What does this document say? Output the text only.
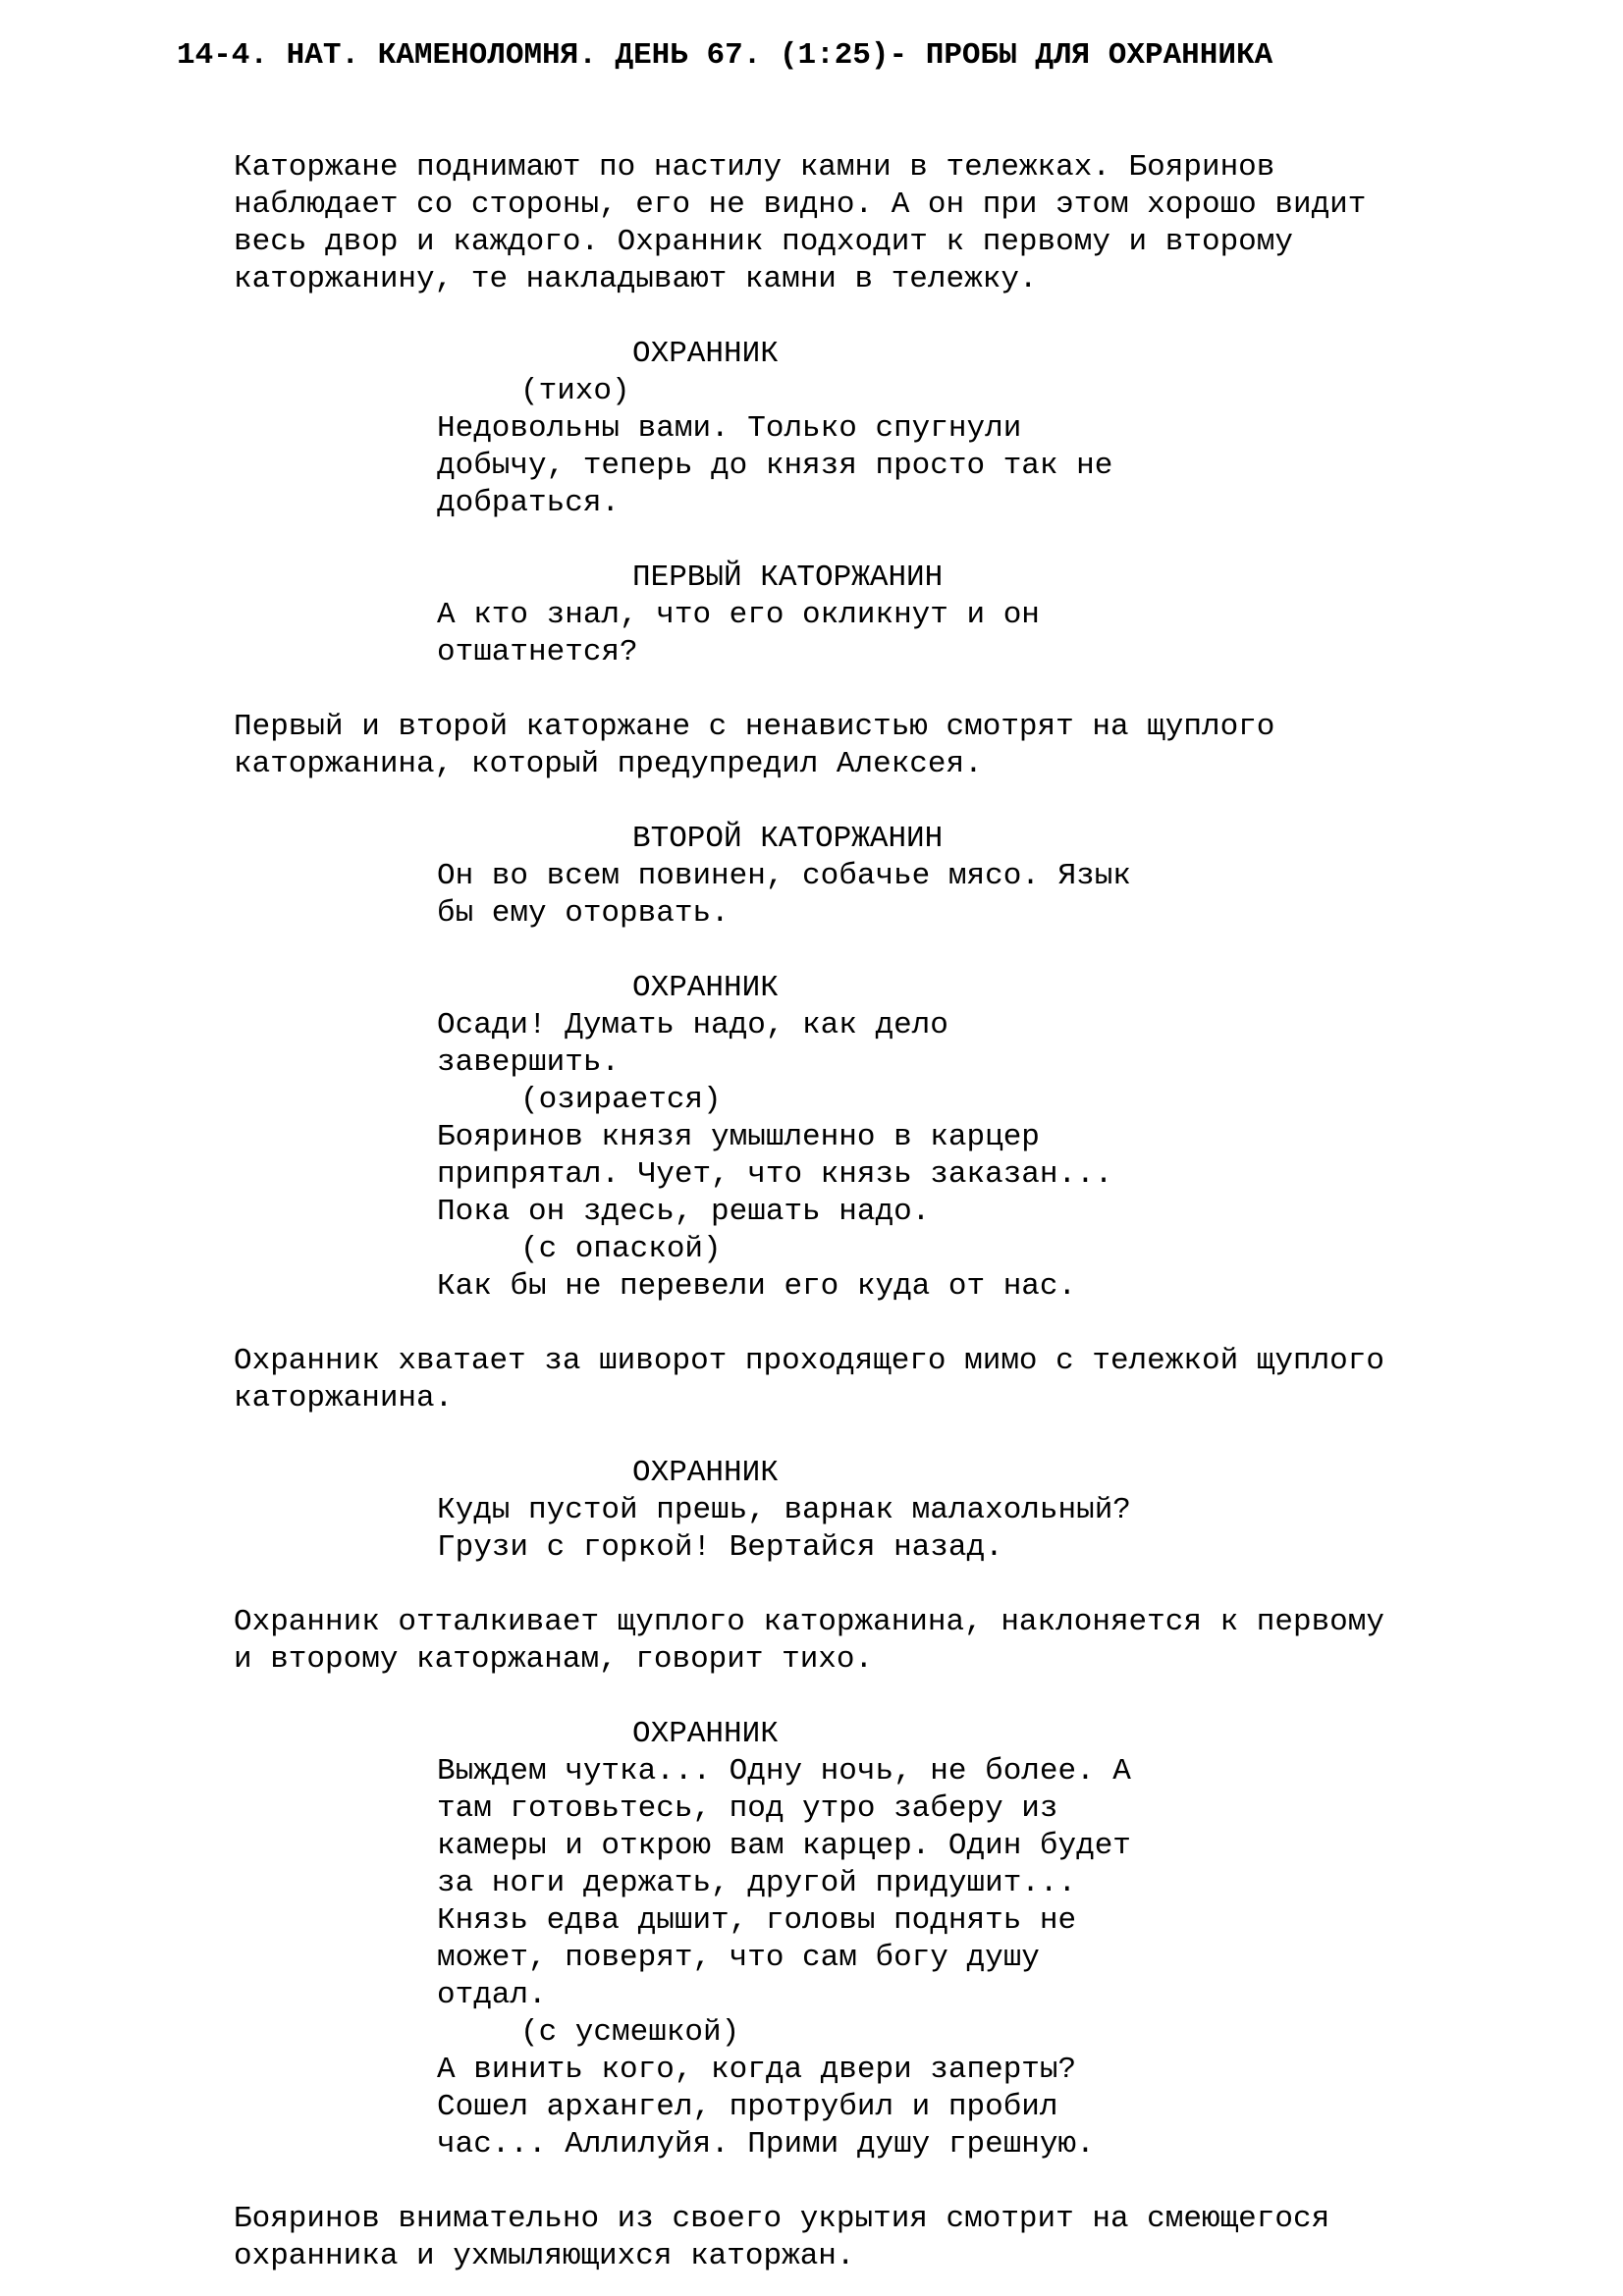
14-4. НАТ. КАМЕНОЛОМНЯ. ДЕНЬ 67. (1:25)- ПРОБЫ ДЛЯ ОХРАННИКА
Каторжане поднимают по настилу камни в тележках. Бояринов
наблюдает со стороны, его не видно. А он при этом хорошо видит
весь двор и каждого. Охранник подходит к первому и второму
каторжанину, те накладывают камни в тележку.
ОХРАННИК
(тихо)
Недовольны вами. Только спугнули
добычу, теперь до князя просто так не
добраться.
ПЕРВЫЙ КАТОРЖАНИН
А кто знал, что его окликнут и он
отшатнется?
Первый и второй каторжане с ненавистью смотрят на щуплого
каторжанина, который предупредил Алексея.
ВТОРОЙ КАТОРЖАНИН
Он во всем повинен, собачье мясо. Язык
бы ему оторвать.
ОХРАННИК
Осади! Думать надо, как дело
завершить.
(озирается)
Бояринов князя умышленно в карцер
припрятал. Чует, что князь заказан...
Пока он здесь, решать надо.
(с опаской)
Как бы не перевели его куда от нас.
Охранник хватает за шиворот проходящего мимо с тележкой щуплого
каторжанина.
ОХРАННИК
Куды пустой прешь, варнак малахольный?
Грузи с горкой! Вертайся назад.
Охранник отталкивает щуплого каторжанина, наклоняется к первому
и второму каторжанам, говорит тихо.
ОХРАННИК
Выждем чутка... Одну ночь, не более. А
там готовьтесь, под утро заберу из
камеры и открою вам карцер. Один будет
за ноги держать, другой придушит...
Князь едва дышит, головы поднять не
может, поверят, что сам богу душу
отдал.
(с усмешкой)
А винить кого, когда двери заперты?
Сошел архангел, протрубил и пробил
час... Аллилуйя. Прими душу грешную.
Бояринов внимательно из своего укрытия смотрит на смеющегося
охранника и ухмыляющихся каторжан.
